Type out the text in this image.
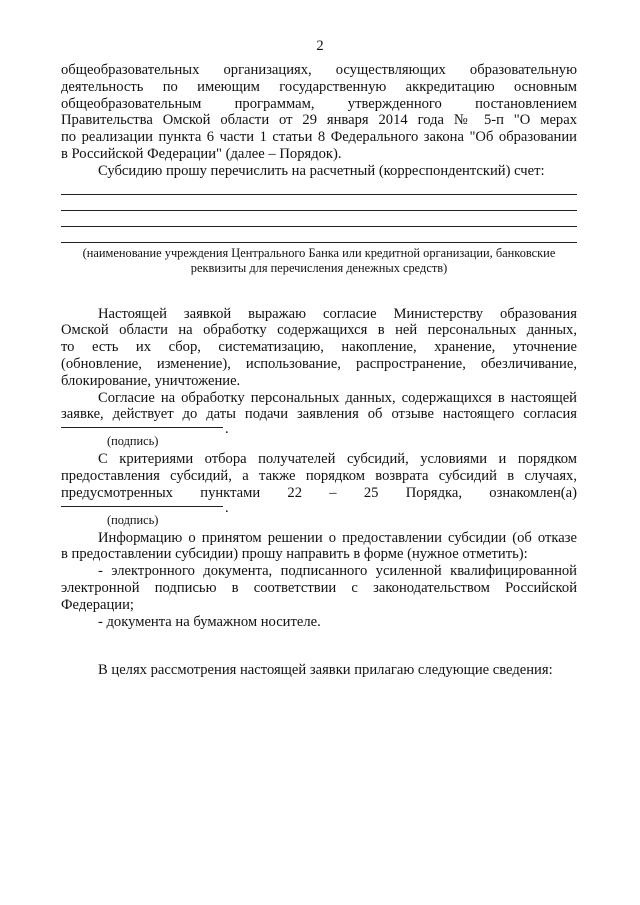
2
общеобразовательных организациях, осуществляющих образовательную
деятельность по имеющим государственную аккредитацию основным
общеобразовательным программам, утвержденного постановлением
Правительства Омской области от 29 января 2014 года № 5-п "О мерах
по реализации пункта 6 части 1 статьи 8 Федерального закона "Об образовании
в Российской Федерации" (далее – Порядок).
Субсидию прошу перечислить на расчетный (корреспондентский) счет:
(наименование учреждения Центрального Банка или кредитной организации, банковские
реквизиты для перечисления денежных средств)
Настоящей заявкой выражаю согласие Министерству образования
Омской области на обработку содержащихся в ней персональных данных,
то есть их сбор, систематизацию, накопление, хранение, уточнение
(обновление, изменение), использование, распространение, обезличивание,
блокирование, уничтожение.
Согласие на обработку персональных данных, содержащихся в настоящей
заявке, действует до даты подачи заявления об отзыве настоящего согласия
.
(подпись)
С критериями отбора получателей субсидий, условиями и порядком
предоставления субсидий, а также порядком возврата субсидий в случаях,
предусмотренных пунктами 22 – 25 Порядка, ознакомлен(а)
.
(подпись)
Информацию о принятом решении о предоставлении субсидии (об отказе
в предоставлении субсидии) прошу направить в форме (нужное отметить):
- электронного документа, подписанного усиленной квалифицированной
электронной подписью в соответствии с законодательством Российской
Федерации;
- документа на бумажном носителе.
В целях рассмотрения настоящей заявки прилагаю следующие сведения:
